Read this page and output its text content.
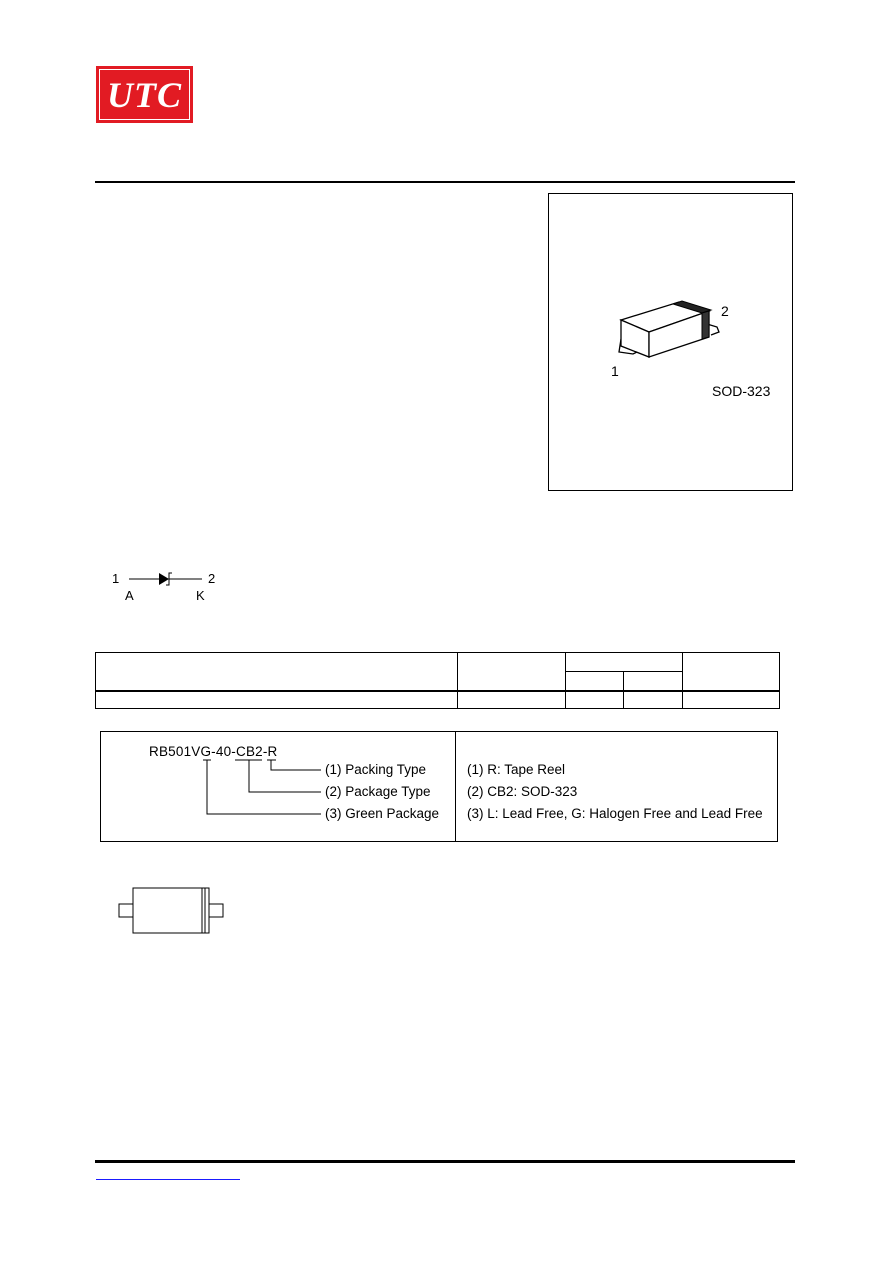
UTC
1
2
SOD-323
1	2
A	K
RB501VG-40-CB2-R
(1) Packing Type
(2) Package Type
(3) Green Package
(1) R: Tape Reel
(2) CB2: SOD-323
(3) L: Lead Free, G: Halogen Free and Lead Free
